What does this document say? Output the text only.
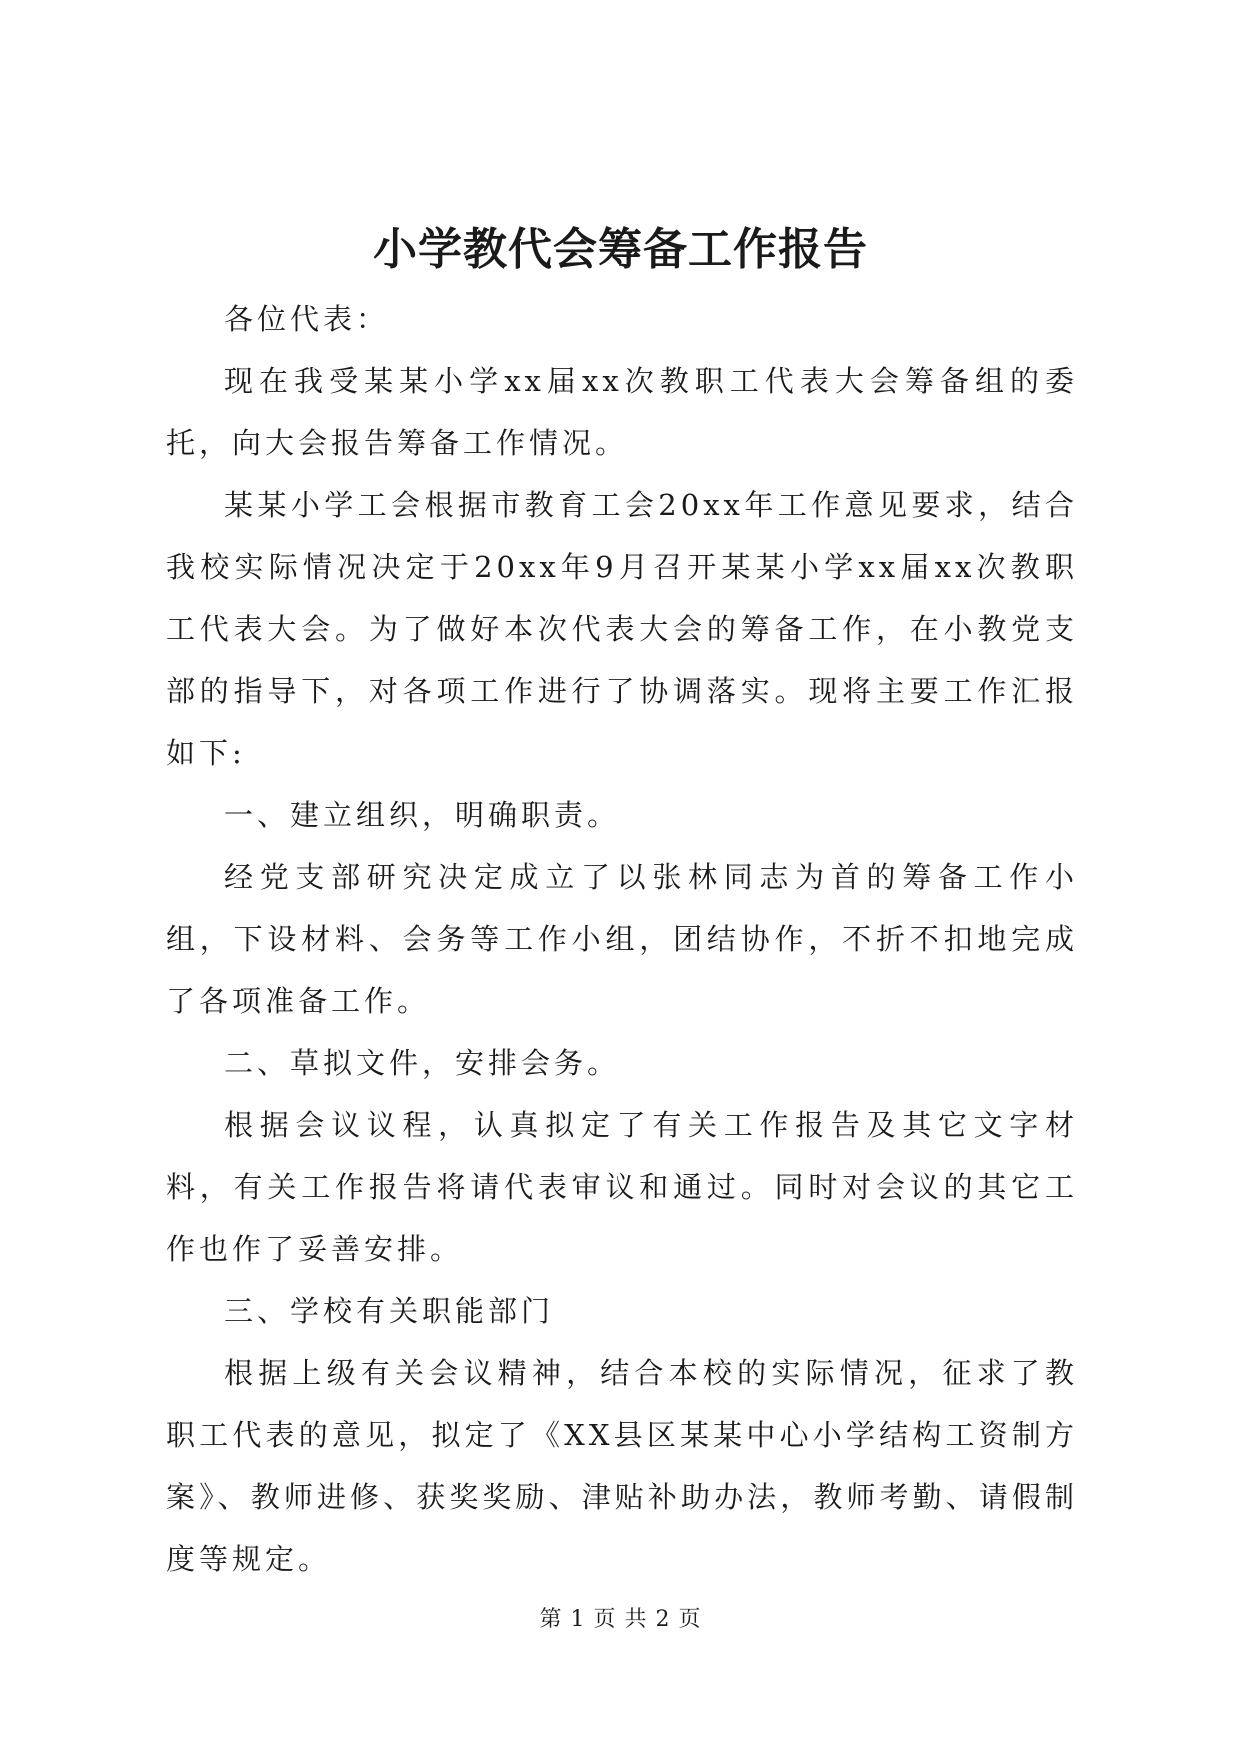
小学教代会筹备工作报告

各位代表：

现在我受某某小学xx届xx次教职工代表大会筹备组的委托，向大会报告筹备工作情况。

某某小学工会根据市教育工会20xx年工作意见要求，结合我校实际情况决定于20xx年9月召开某某小学xx届xx次教职工代表大会。为了做好本次代表大会的筹备工作，在小教党支部的指导下，对各项工作进行了协调落实。现将主要工作汇报如下:

一、建立组织，明确职责。

经党支部研究决定成立了以张林同志为首的筹备工作小组，下设材料、会务等工作小组，团结协作，不折不扣地完成了各项准备工作。

二、草拟文件，安排会务。

根据会议议程，认真拟定了有关工作报告及其它文字材料，有关工作报告将请代表审议和通过。同时对会议的其它工作也作了妥善安排。

三、学校有关职能部门

根据上级有关会议精神，结合本校的实际情况，征求了教职工代表的意见，拟定了《XX县区某某中心小学结构工资制方案》、教师进修、获奖奖励、津贴补助办法，教师考勤、请假制度等规定。

第 1 页 共 2 页
